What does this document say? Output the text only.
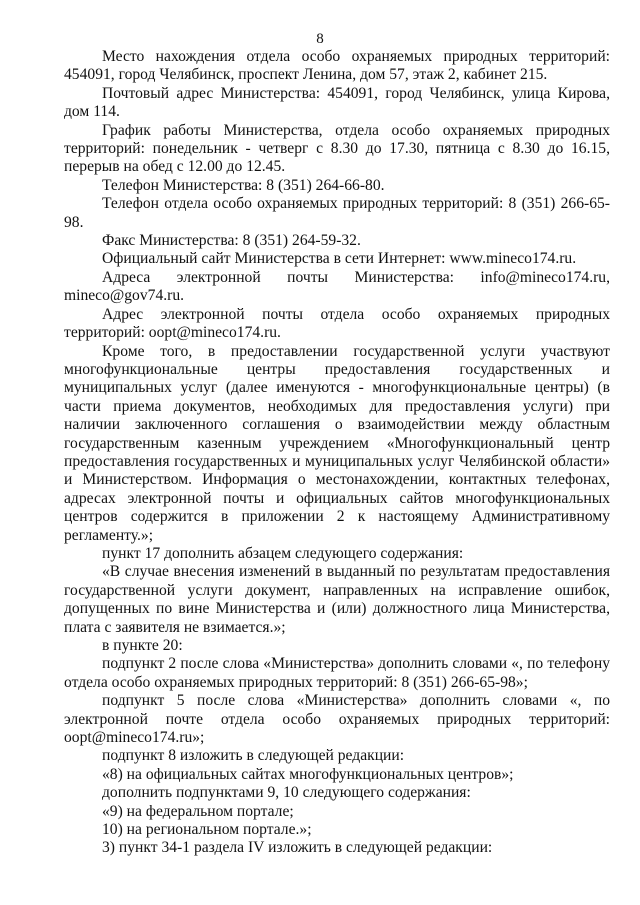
8

Место нахождения отдела особо охраняемых природных территорий: 454091, город Челябинск, проспект Ленина, дом 57, этаж 2, кабинет 215.

Почтовый адрес Министерства: 454091, город Челябинск, улица Кирова, дом 114.

График работы Министерства, отдела особо охраняемых природных территорий: понедельник - четверг с 8.30 до 17.30, пятница с 8.30 до 16.15, перерыв на обед с 12.00 до 12.45.

Телефон Министерства: 8 (351) 264-66-80.

Телефон отдела особо охраняемых природных территорий: 8 (351) 266-65-98.

Факс Министерства: 8 (351) 264-59-32.

Официальный сайт Министерства в сети Интернет: www.mineco174.ru.

Адреса электронной почты Министерства: info@mineco174.ru, mineco@gov74.ru.

Адрес электронной почты отдела особо охраняемых природных территорий: oopt@mineco174.ru.

Кроме того, в предоставлении государственной услуги участвуют многофункциональные центры предоставления государственных и муниципальных услуг (далее именуются - многофункциональные центры) (в части приема документов, необходимых для предоставления услуги) при наличии заключенного соглашения о взаимодействии между областным государственным казенным учреждением «Многофункциональный центр предоставления государственных и муниципальных услуг Челябинской области» и Министерством. Информация о местонахождении, контактных телефонах, адресах электронной почты и официальных сайтов многофункциональных центров содержится в приложении 2 к настоящему Административному регламенту.»;

пункт 17 дополнить абзацем следующего содержания:

«В случае внесения изменений в выданный по результатам предоставления государственной услуги документ, направленных на исправление ошибок, допущенных по вине Министерства и (или) должностного лица Министерства, плата с заявителя не взимается.»;

в пункте 20:

подпункт 2 после слова «Министерства» дополнить словами «, по телефону отдела особо охраняемых природных территорий: 8 (351) 266-65-98»;

подпункт 5 после слова «Министерства» дополнить словами «, по электронной почте отдела особо охраняемых природных территорий: oopt@mineco174.ru»;

подпункт 8 изложить в следующей редакции:

«8) на официальных сайтах многофункциональных центров»;

дополнить подпунктами 9, 10 следующего содержания:

«9) на федеральном портале;

10) на региональном портале.»;

3) пункт 34-1 раздела IV изложить в следующей редакции:
